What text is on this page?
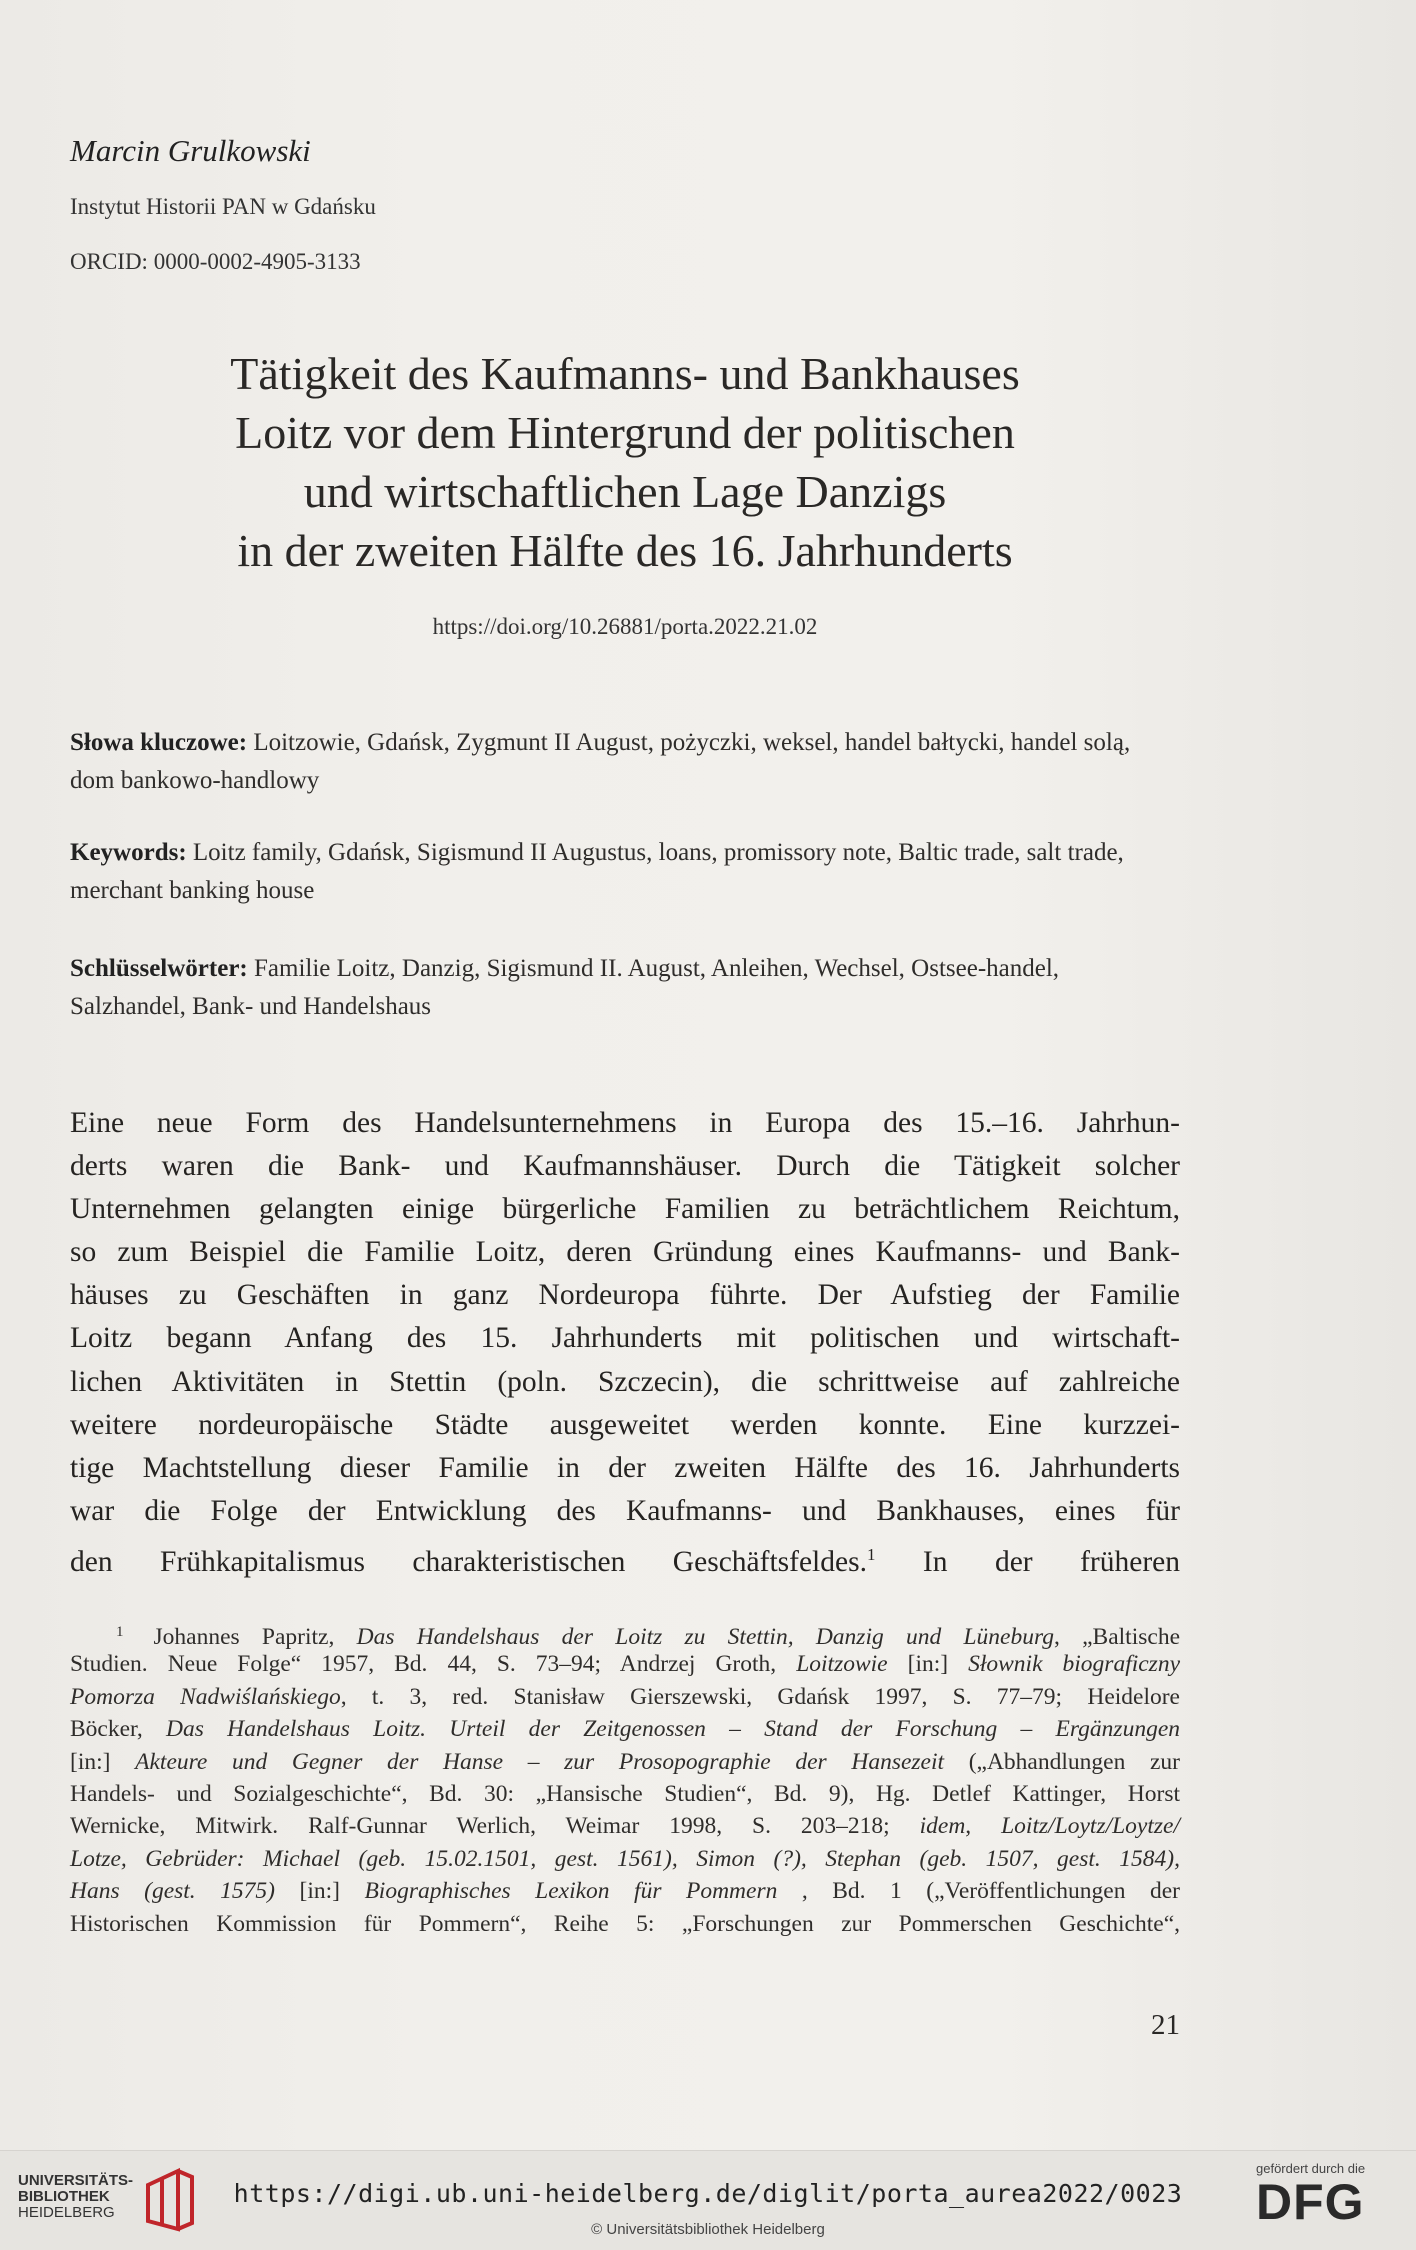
Marcin Grulkowski
Instytut Historii PAN w Gdańsku
ORCID: 0000-0002-4905-3133
Tätigkeit des Kaufmanns- und Bankhauses
Loitz vor dem Hintergrund der politischen
und wirtschaftlichen Lage Danzigs
in der zweiten Hälfte des 16. Jahrhunderts
https://doi.org/10.26881/porta.2022.21.02
Słowa kluczowe: Loitzowie, Gdańsk, Zygmunt II August, pożyczki, weksel, handel bałtycki, handel solą, dom bankowo-handlowy
Keywords: Loitz family, Gdańsk, Sigismund II Augustus, loans, promissory note, Baltic trade, salt trade, merchant banking house
Schlüsselwörter: Familie Loitz, Danzig, Sigismund II. August, Anleihen, Wechsel, Ostsee-handel, Salzhandel, Bank- und Handelshaus
Eine neue Form des Handelsunternehmens in Europa des 15.–16. Jahrhun-
derts waren die Bank- und Kaufmannshäuser. Durch die Tätigkeit solcher
Unternehmen gelangten einige bürgerliche Familien zu beträchtlichem Reichtum,
so zum Beispiel die Familie Loitz, deren Gründung eines Kaufmanns- und Bank-
häuses zu Geschäften in ganz Nordeuropa führte. Der Aufstieg der Familie
Loitz begann Anfang des 15. Jahrhunderts mit politischen und wirtschaft-
lichen Aktivitäten in Stettin (poln. Szczecin), die schrittweise auf zahlreiche
weitere nordeuropäische Städte ausgeweitet werden konnte. Eine kurzzei-
tige Machtstellung dieser Familie in der zweiten Hälfte des 16. Jahrhunderts
war die Folge der Entwicklung des Kaufmanns- und Bankhauses, eines für
den Frühkapitalismus charakteristischen Geschäftsfeldes.$^1$ In der früheren
$^1$ Johannes Papritz, Das Handelshaus der Loitz zu Stettin, Danzig und Lüneburg, „Baltische
Studien. Neue Folge“ 1957, Bd. 44, S. 73–94; Andrzej Groth, Loitzowie [in:] Słownik biograficzny
Pomorza Nadwiślańskiego, t. 3, red. Stanisław Gierszewski, Gdańsk 1997, S. 77–79; Heidelore
Böcker, Das Handelshaus Loitz. Urteil der Zeitgenossen – Stand der Forschung – Ergänzungen
[in:] Akteure und Gegner der Hanse – zur Prosopographie der Hansezeit („Abhandlungen zur
Handels- und Sozialgeschichte“, Bd. 30: „Hansische Studien“, Bd. 9), Hg. Detlef Kattinger, Horst
Wernicke, Mitwirk. Ralf-Gunnar Werlich, Weimar 1998, S. 203–218; idem, Loitz/Loytz/Loytze/
Lotze, Gebrüder: Michael (geb. 15.02.1501, gest. 1561), Simon (?), Stephan (geb. 1507, gest. 1584),
Hans (gest. 1575) [in:] Biographisches Lexikon für Pommern , Bd. 1 („Veröffentlichungen der
Historischen Kommission für Pommern“, Reihe 5: „Forschungen zur Pommerschen Geschichte“,
21
UNIVERSITÄTS-
BIBLIOTHEK
HEIDELBERG
https://digi.ub.uni-heidelberg.de/diglit/porta_aurea2022/0023
© Universitätsbibliothek Heidelberg
gefördert durch die
DFG
